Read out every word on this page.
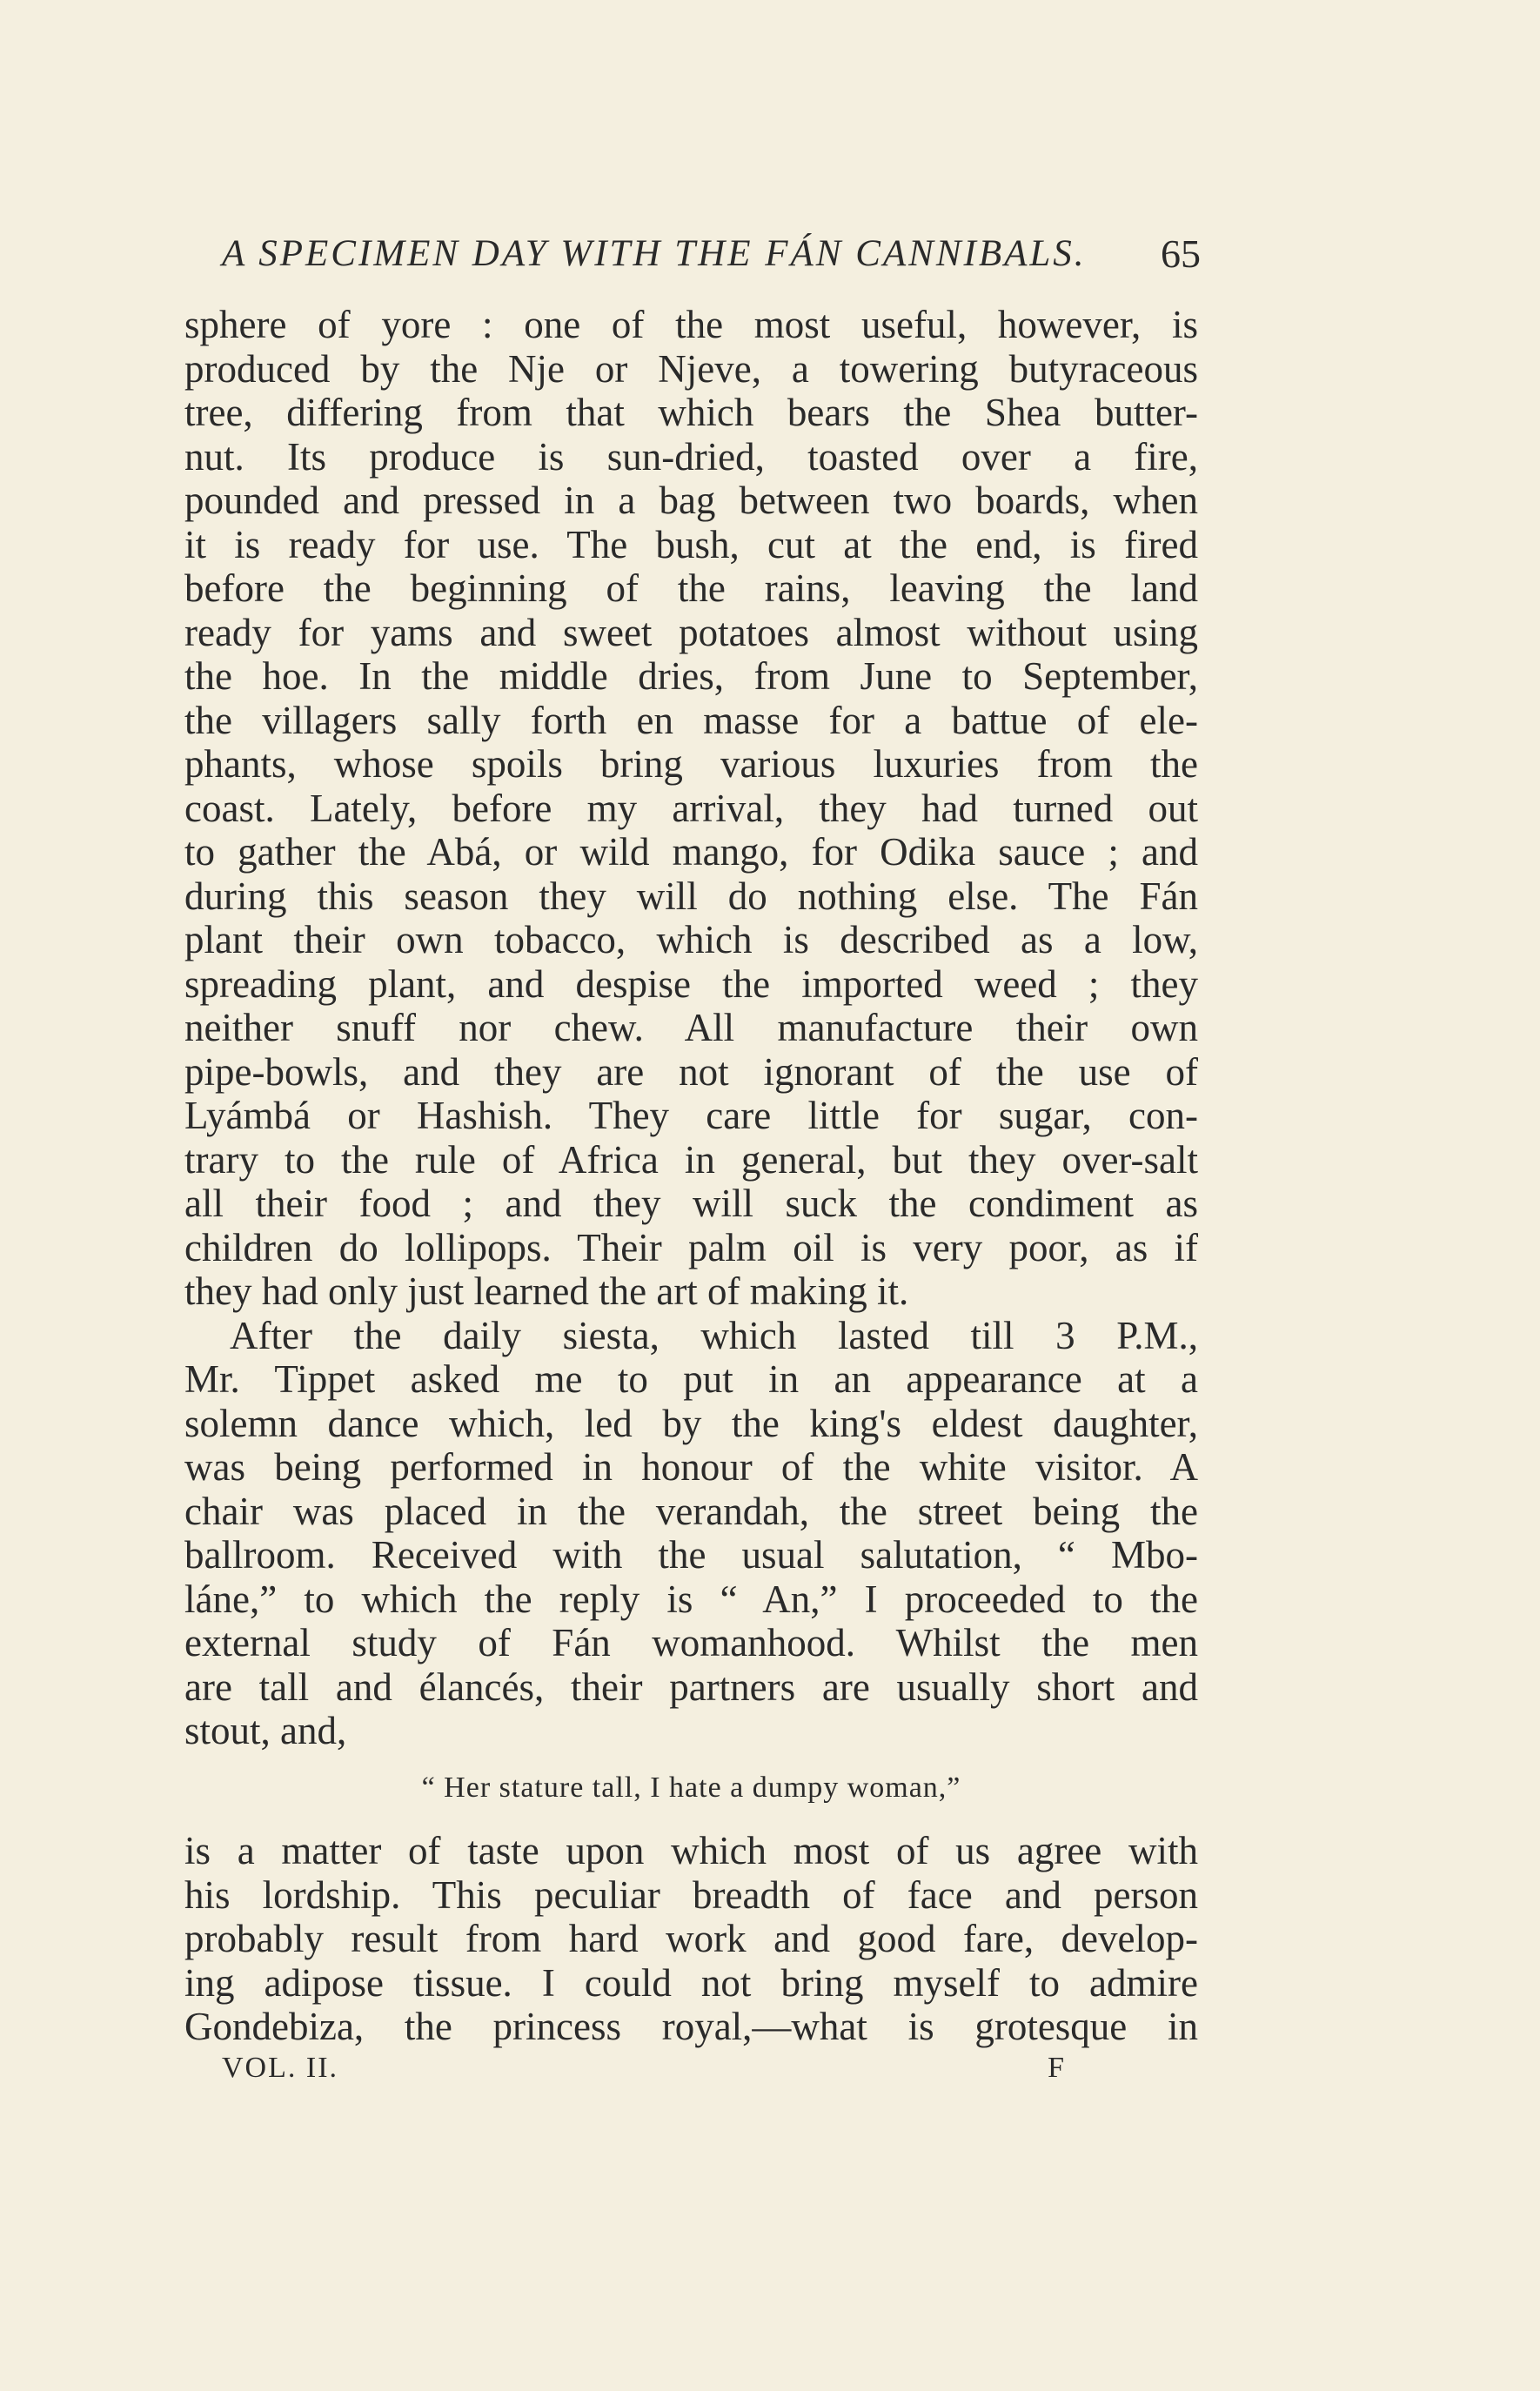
A SPECIMEN DAY WITH THE FÁN CANNIBALS. 65
sphere of yore : one of the most useful, however, is
produced by the Nje or Njeve, a towering butyraceous
tree, differing from that which bears the Shea butter-
nut. Its produce is sun-dried, toasted over a fire,
pounded and pressed in a bag between two boards, when
it is ready for use. The bush, cut at the end, is fired
before the beginning of the rains, leaving the land
ready for yams and sweet potatoes almost without using
the hoe. In the middle dries, from June to September,
the villagers sally forth en masse for a battue of ele-
phants, whose spoils bring various luxuries from the
coast. Lately, before my arrival, they had turned out
to gather the Abá, or wild mango, for Odika sauce ; and
during this season they will do nothing else. The Fán
plant their own tobacco, which is described as a low,
spreading plant, and despise the imported weed ; they
neither snuff nor chew. All manufacture their own
pipe-bowls, and they are not ignorant of the use of
Lyámbá or Hashish. They care little for sugar, con-
trary to the rule of Africa in general, but they over-salt
all their food ; and they will suck the condiment as
children do lollipops. Their palm oil is very poor, as if
they had only just learned the art of making it.
After the daily siesta, which lasted till 3 P.M.,
Mr. Tippet asked me to put in an appearance at a
solemn dance which, led by the king's eldest daughter,
was being performed in honour of the white visitor. A
chair was placed in the verandah, the street being the
ballroom. Received with the usual salutation, “ Mbo-
láne,” to which the reply is “ An,” I proceeded to the
external study of Fán womanhood. Whilst the men
are tall and élancés, their partners are usually short and
stout, and,
“ Her stature tall, I hate a dumpy woman,”
is a matter of taste upon which most of us agree with
his lordship. This peculiar breadth of face and person
probably result from hard work and good fare, develop-
ing adipose tissue. I could not bring myself to admire
Gondebiza, the princess royal,—what is grotesque in
VOL. II.	F
